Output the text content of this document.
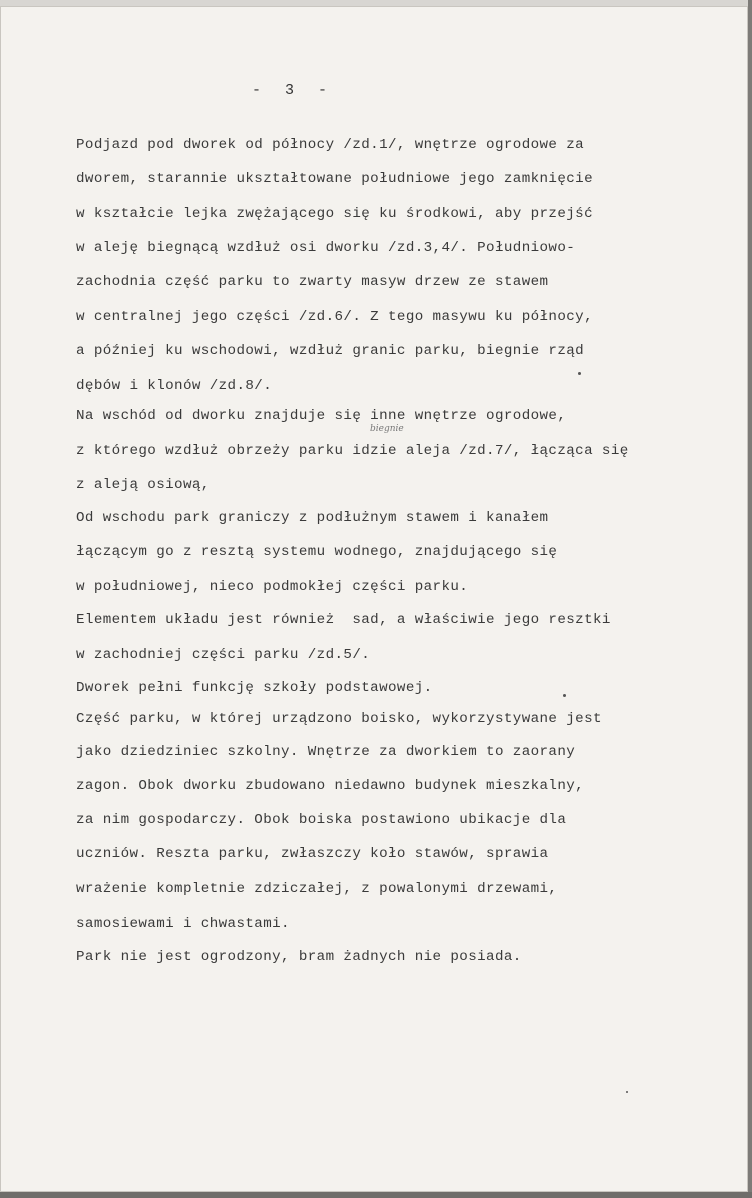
-  3  -
Podjazd pod dworek od północy /zd.1/, wnętrze ogrodowe za
dworem, starannie ukształtowane południowe jego zamknięcie
w kształcie lejka zwężającego się ku środkowi, aby przejść
w aleję biegnącą wzdłuż osi dworku /zd.3,4/. Południowo-
zachodnia część parku to zwarty masyw drzew ze stawem
w centralnej jego części /zd.6/. Z tego masywu ku północy,
a później ku wschodowi, wzdłuż granic parku, biegnie rząd
dębów i klonów /zd.8/.
Na wschód od dworku znajduje się inne wnętrze ogrodowe,
z którego wzdłuż obrzeży parku idzie aleja /zd.7/, łącząca się
z aleją osiową,
Od wschodu park graniczy z podłużnym stawem i kanałem
łączącym go z resztą systemu wodnego, znajdującego się
w południowej, nieco podmokłej części parku.
Elementem układu jest również  sad, a właściwie jego resztki
w zachodniej części parku /zd.5/.
Dworek pełni funkcję szkoły podstawowej.
Część parku, w której urządzono boisko, wykorzystywane jest
jako dziedziniec szkolny. Wnętrze za dworkiem to zaorany
zagon. Obok dworku zbudowano niedawno budynek mieszkalny,
za nim gospodarczy. Obok boiska postawiono ubikacje dla
uczniów. Reszta parku, zwłaszczy koło stawów, sprawia
wrażenie kompletnie zdziczałej, z powalonymi drzewami,
samosiewami i chwastami.
Park nie jest ogrodzony, bram żadnych nie posiada.
biegnie
